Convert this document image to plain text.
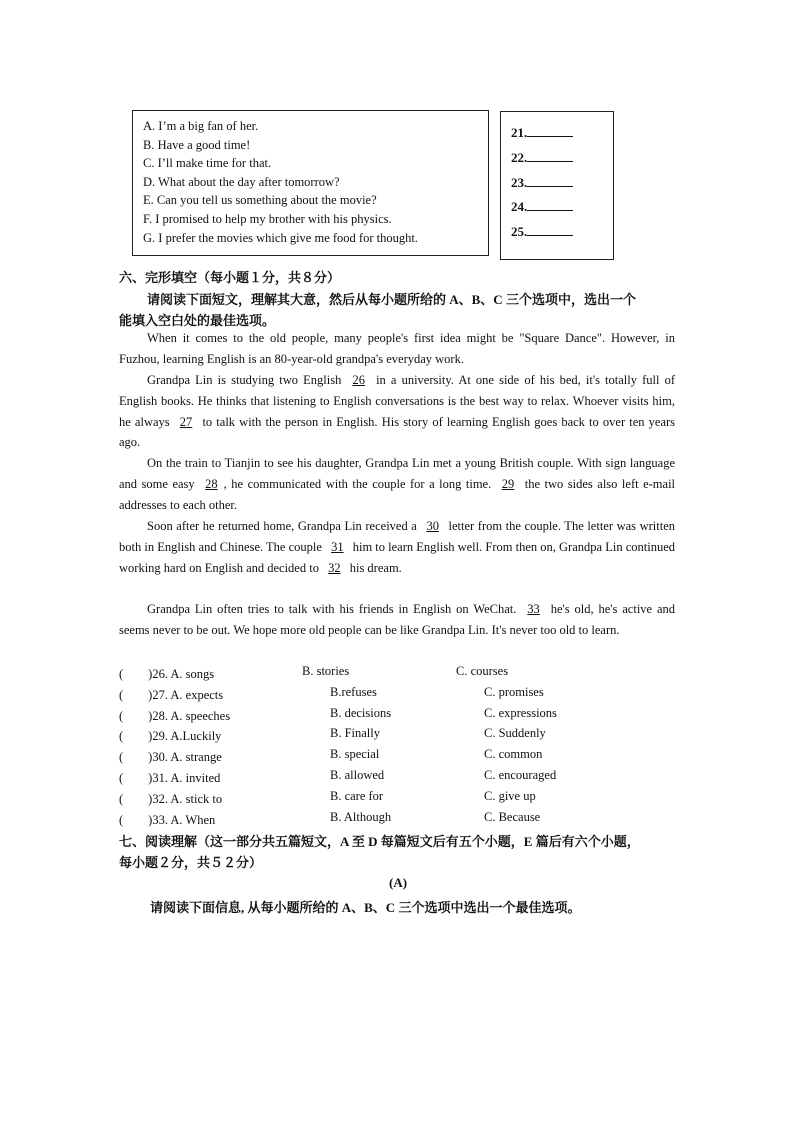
A. I’m a big fan of her.
B. Have a good time!
C. I’ll make time for that.
D. What about the day after tomorrow?
E. Can you tell us something about the movie?
F. I promised to help my brother with his physics.
G. I prefer the movies which give me food for thought.
21.
22.
23.
24.
25.
六、完形填空（每小题１分，共８分）
请阅读下面短文，理解其大意，然后从每小题所给的 A、B、C 三个选项中，选出一个
能填入空白处的最佳选项。
When it comes to the old people, many people's first idea might be "Square Dance". However, in Fuzhou, learning English is an 80-year-old grandpa's everyday work.
Grandpa Lin is studying two English 26 in a university. At one side of his bed, it's totally full of English books. He thinks that listening to English conversations is the best way to relax. Whoever visits him, he always 27 to talk with the person in English. His story of learning English goes back to over ten years ago.
On the train to Tianjin to see his daughter, Grandpa Lin met a young British couple. With sign language and some easy 28 , he communicated with the couple for a long time. 29 the two sides also left e-mail addresses to each other.
Soon after he returned home, Grandpa Lin received a 30 letter from the couple. The letter was written both in English and Chinese. The couple 31 him to learn English well. From then on, Grandpa Lin continued working hard on English and decided to 32 his dream.
Grandpa Lin often tries to talk with his friends in English on WeChat. 33 he's old, he's active and seems never to be out. We hope more old people can be like Grandpa Lin. It's never too old to learn.
(　　)26. A. songs	B. stories	C. courses
(　　)27. A. expects	B.refuses	C. promises
(　　)28. A. speeches	B. decisions	C. expressions
(　　)29. A.Luckily	B. Finally	C. Suddenly
(　　)30. A. strange	B. special	C. common
(　　)31. A. invited	B. allowed	C. encouraged
(　　)32. A. stick to	B. care for	C. give up
(　　)33. A. When	B. Although	C. Because
七、阅读理解（这一部分共五篇短文，A 至 D 每篇短文后有五个小题，E 篇后有六个小题，
每小题２分，共５２分）
(A)
请阅读下面信息, 从每小题所给的 A、B、C 三个选项中选出一个最佳选项。
